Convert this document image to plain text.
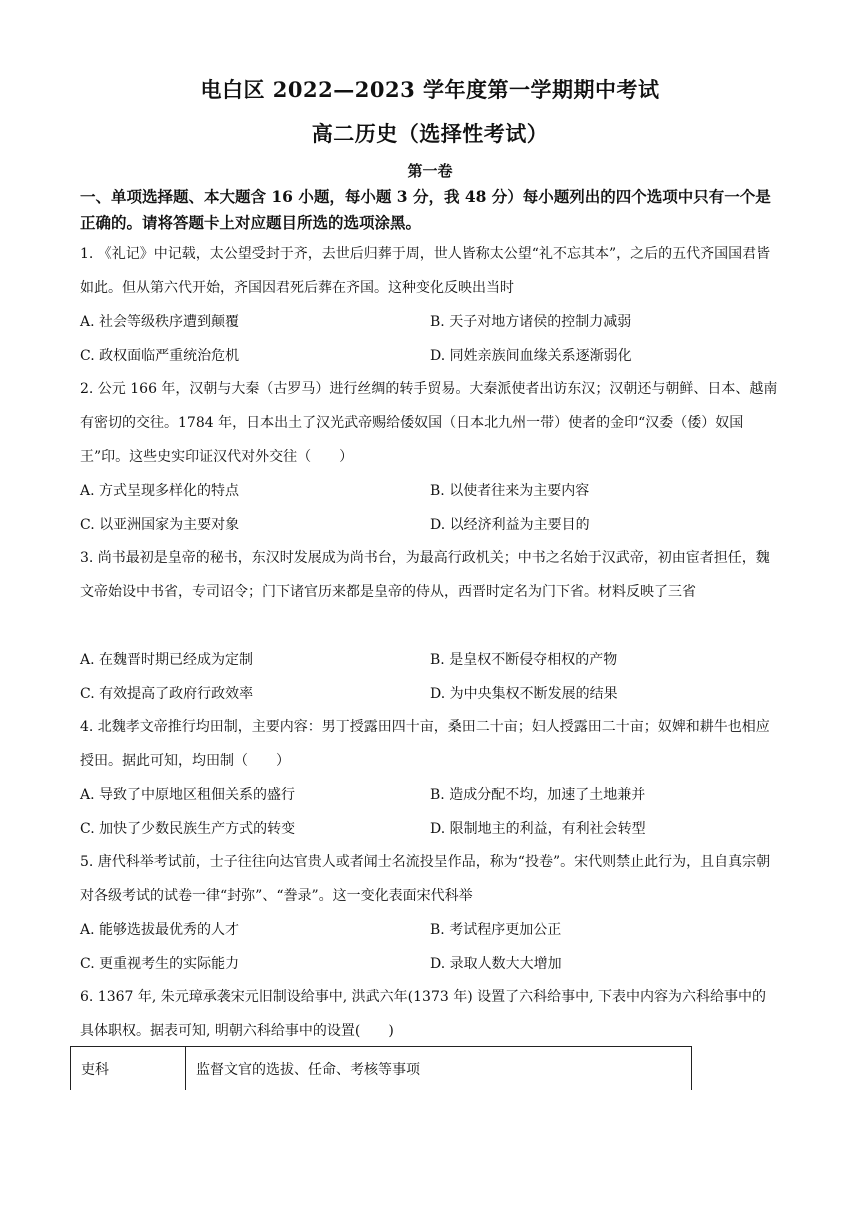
电白区 2022—2023 学年度第一学期期中考试
高二历史（选择性考试）
第一卷
一、单项选择题、本大题含 16 小题，每小题 3 分，我 48 分）每小题列出的四个选项中只有一个是正确的。请将答题卡上对应题目所选的选项涂黑。
1. 《礼记》中记载，太公望受封于齐，去世后归葬于周，世人皆称太公望“礼不忘其本”，之后的五代齐国国君皆如此。但从第六代开始，齐国因君死后葬在齐国。这种变化反映出当时
A. 社会等级秩序遭到颠覆	B. 天子对地方诸侯的控制力减弱
C. 政权面临严重统治危机	D. 同姓亲族间血缘关系逐渐弱化
2. 公元 166 年，汉朝与大秦（古罗马）进行丝绸的转手贸易。大秦派使者出访东汉；汉朝还与朝鲜、日本、越南有密切的交往。1784 年，日本出土了汉光武帝赐给倭奴国（日本北九州一带）使者的金印“汉委（倭）奴国王”印。这些史实印证汉代对外交往（　　）
A. 方式呈现多样化的特点	B. 以使者往来为主要内容
C. 以亚洲国家为主要对象	D. 以经济利益为主要目的
3. 尚书最初是皇帝的秘书，东汉时发展成为尚书台，为最高行政机关；中书之名始于汉武帝，初由宦者担任，魏文帝始设中书省，专司诏令；门下诸官历来都是皇帝的侍从，西晋时定名为门下省。材料反映了三省
A. 在魏晋时期已经成为定制	B. 是皇权不断侵夺相权的产物
C. 有效提高了政府行政效率	D. 为中央集权不断发展的结果
4. 北魏孝文帝推行均田制，主要内容：男丁授露田四十亩，桑田二十亩；妇人授露田二十亩；奴婢和耕牛也相应授田。据此可知，均田制（　　）
A. 导致了中原地区租佃关系的盛行	B. 造成分配不均，加速了土地兼并
C. 加快了少数民族生产方式的转变	D. 限制地主的利益，有利社会转型
5. 唐代科举考试前，士子往往向达官贵人或者闻士名流投呈作品，称为“投卷”。宋代则禁止此行为，且自真宗朝对各级考试的试卷一律“封弥”、“誊录”。这一变化表面宋代科举
A. 能够选拔最优秀的人才	B. 考试程序更加公正
C. 更重视考生的实际能力	D. 录取人数大大增加
6. 1367 年, 朱元璋承袭宋元旧制设给事中, 洪武六年(1373 年) 设置了六科给事中, 下表中内容为六科给事中的具体职权。据表可知, 明朝六科给事中的设置(　　)
吏科	监督文官的选拔、任命、考核等事项
